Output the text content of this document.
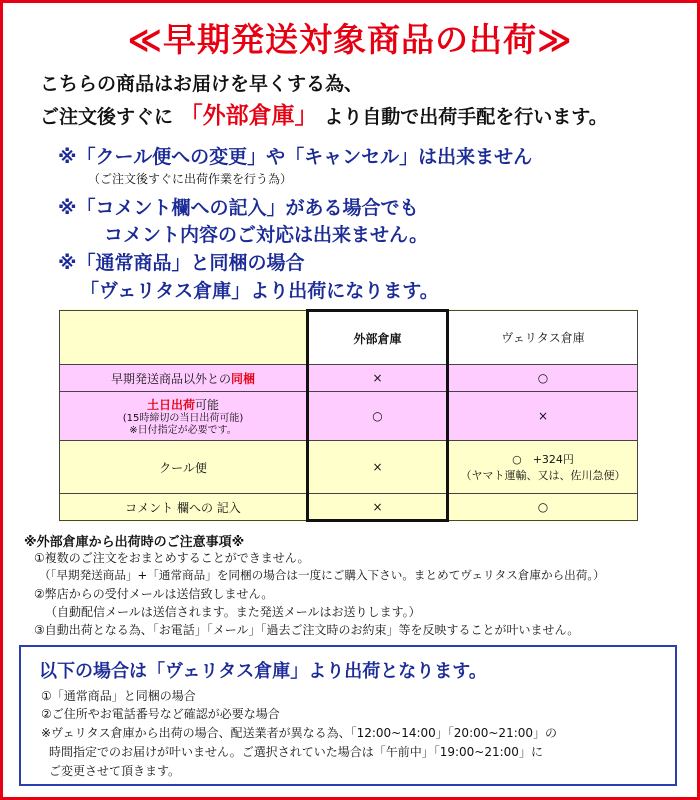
≪早期発送対象商品の出荷≫
こちらの商品はお届けを早くする為、
ご注文後すぐに 「外部倉庫」 より自動で出荷手配を行います。
※「クール便への変更」や「キャンセル」は出来ません
（ご注文後すぐに出荷作業を行う為）
※「コメント欄への記入」がある場合でも
コメント内容のご対応は出来ません。
※「通常商品」と同梱の場合
「ヴェリタス倉庫」より出荷になります。
	外部倉庫	ヴェリタス倉庫
早期発送商品以外との同梱	×	○

土日出荷可能
(15時締切の当日出荷可能)
※日付指定が必要です。	○	×
クール便	×	○　+324円
（ヤマト運輸、又は、佐川急便）

コメント 欄への 記入	×	○
※外部倉庫から出荷時のご注意事項※
①複数のご注文をおまとめすることができません。
（「早期発送商品」+「通常商品」を同梱の場合は一度にご購入下さい。まとめてヴェリタス倉庫から出荷。）
②弊店からの受付メールは送信致しません。
（自動配信メールは送信されます。また発送メールはお送りします。）
③自動出荷となる為、「お電話」「メール」「過去ご注文時のお約束」等を反映することが叶いません。
以下の場合は「ヴェリタス倉庫」より出荷となります。
①「通常商品」と同梱の場合
②ご住所やお電話番号など確認が必要な場合
※ヴェリタス倉庫から出荷の場合、配送業者が異なる為、「12:00~14:00」「20:00~21:00」の
時間指定でのお届けが叶いません。ご選択されていた場合は「午前中」「19:00~21:00」に
ご変更させて頂きます。
